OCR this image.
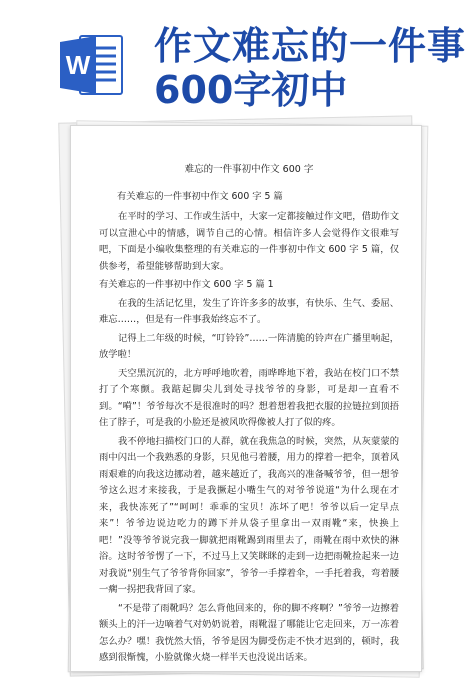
W 作文难忘的一件事
600字初中
难忘的一件事初中作文 600 字
有关难忘的一件事初中作文 600 字 5 篇

在平时的学习、工作或生活中，大家一定都接触过作文吧，借助作文可以宣泄心中的情感，调节自己的心情。相信许多人会觉得作文很难写吧，下面是小编收集整理的有关难忘的一件事初中作文 600 字 5 篇，仅供参考，希望能够帮助到大家。

有关难忘的一件事初中作文 600 字 5 篇 1

在我的生活记忆里，发生了许许多多的故事，有快乐、生气、委屈、难忘……，但是有一件事我始终忘不了。

记得上二年级的时候，“叮铃铃”……一阵清脆的铃声在广播里响起，放学啦！

天空黑沉沉的，北方呼呼地吹着，雨哗哗地下着，我站在校门口不禁打了个寒颤。我踮起脚尖儿到处寻找爷爷的身影，可是却一直看不到。“嗬”！爷爷每次不是很准时的吗？想着想着我把衣服的拉链拉到顶捂住了脖子，可是我的小脸还是被风吹得像被人打了似的疼。

我不停地扫描校门口的人群，就在我焦急的时候，突然，从灰蒙蒙的雨中闪出一个我熟悉的身影，只见他弓着腰，用力的撑着一把伞，顶着风雨艰难的向我这边挪动着，越来越近了，我高兴的准备喊爷爷，但一想爷爷这么迟才来接我，于是我撅起小嘴生气的对爷爷说道“为什么现在才来，我快冻死了”“呵呵！乖乖的宝贝！冻坏了吧！爷爷以后一定早点来”！爷爷边说边吃力的蹲下并从袋子里拿出一双雨靴“来，快换上吧！”没等爷爷说完我一脚就把雨靴踢到雨里去了，雨靴在雨中欢快的淋浴。这时爷爷愣了一下，不过马上又笑眯眯的走到一边把雨靴捡起来一边对我说“别生气了爷爷背你回家”，爷爷一手撑着伞，一手托着我，弯着腰一瘸一拐把我背回了家。

“不是带了雨靴吗？怎么背他回来的，你的脚不疼啊？”爷爷一边擦着额头上的汗一边嘀着气对奶奶说着，雨靴湿了哪能让它走回来，万一冻着怎么办？嘿！我恍然大悟，爷爷是因为脚受伤走不快才迟到的，顿时，我感到很惭愧，小脸就像火烧一样半天也没说出话来。
